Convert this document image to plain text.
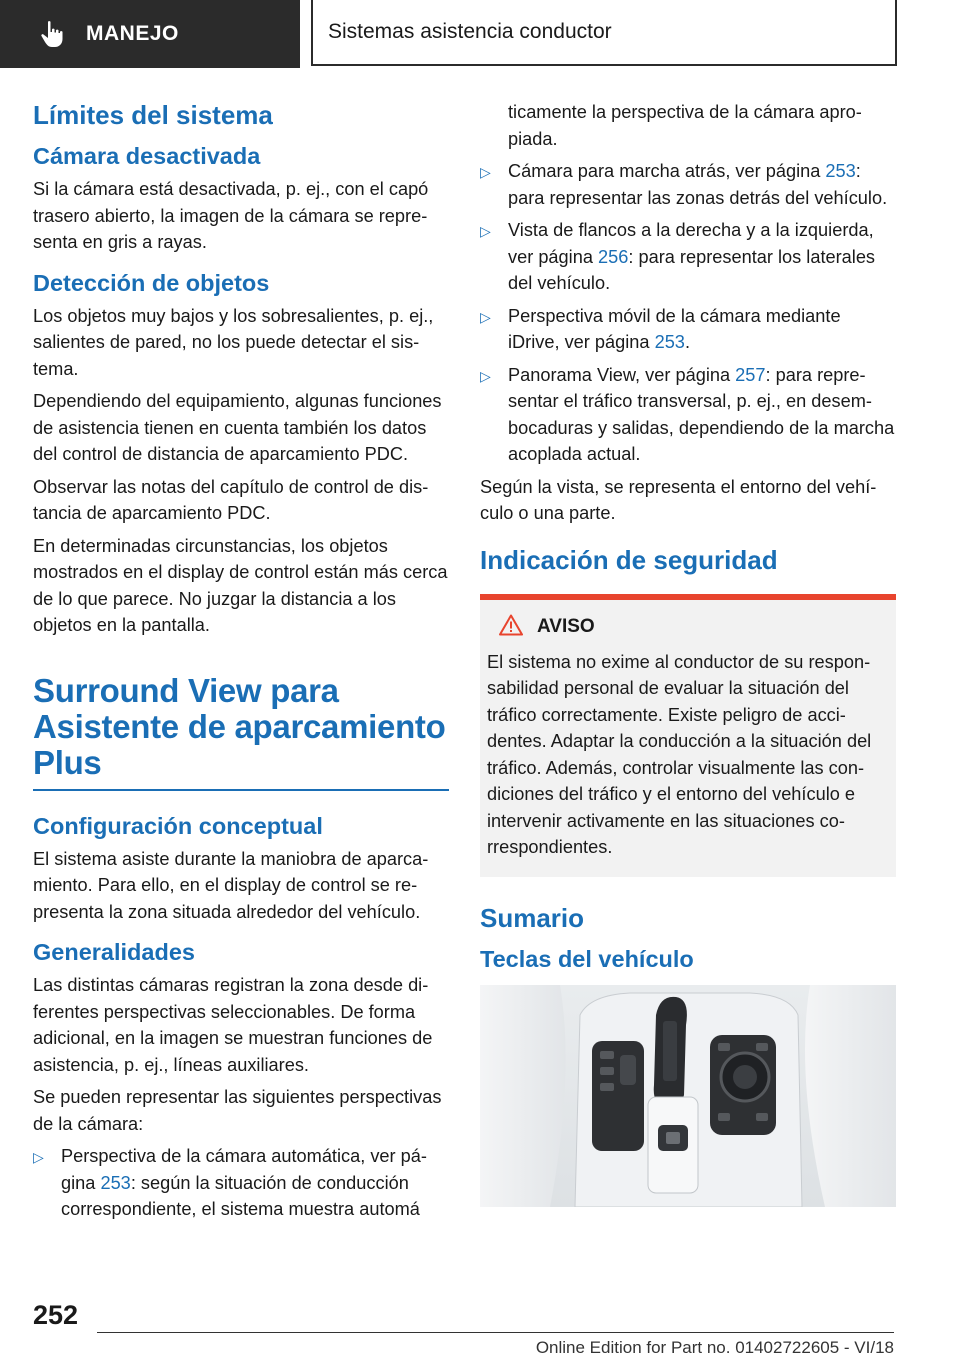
MANEJO	Sistemas asistencia conductor
Límites del sistema
Cámara desactivada

Si la cámara está desactivada, p. ej., con el capó trasero abierto, la imagen de la cámara se representa en gris a rayas.

Detección de objetos

Los objetos muy bajos y los sobresalientes, p. ej., salientes de pared, no los puede detectar el sistema.

Dependiendo del equipamiento, algunas funciones de asistencia tienen en cuenta también los datos del control de distancia de aparcamiento PDC.

Observar las notas del capítulo de control de distancia de aparcamiento PDC.

En determinadas circunstancias, los objetos mostrados en el display de control están más cerca de lo que parece. No juzgar la distancia a los objetos en la pantalla.

Surround View para Asistente de aparcamiento Plus
Configuración conceptual

El sistema asiste durante la maniobra de aparcamiento. Para ello, en el display de control se representa la zona situada alrededor del vehículo.

Generalidades

Las distintas cámaras registran la zona desde diferentes perspectivas seleccionables. De forma adicional, en la imagen se muestran funciones de asistencia, p. ej., líneas auxiliares.

Se pueden representar las siguientes perspectivas de la cámara:

▷ Perspectiva de la cámara automática, ver página 253: según la situación de conducción correspondiente, el sistema muestra automá

ticamente la perspectiva de la cámara apropiada.

▷ Cámara para marcha atrás, ver página 253: para representar las zonas detrás del vehículo.
▷ Vista de flancos a la derecha y a la izquierda, ver página 256: para representar los laterales del vehículo.
▷ Perspectiva móvil de la cámara mediante iDrive, ver página 253.
▷ Panorama View, ver página 257: para representar el tráfico transversal, p. ej., en desembocaduras y salidas, dependiendo de la marcha acoplada actual.

Según la vista, se representa el entorno del vehículo o una parte.

Indicación de seguridad
AVISO

El sistema no exime al conductor de su responsabilidad personal de evaluar la situación del tráfico correctamente. Existe peligro de accidentes. Adaptar la conducción a la situación del tráfico. Además, controlar visualmente las condiciones del tráfico y el entorno del vehículo e intervenir activamente en las situaciones correspondientes.

Sumario
Teclas del vehículo
252
Online Edition for Part no. 01402722605 - VI/18
